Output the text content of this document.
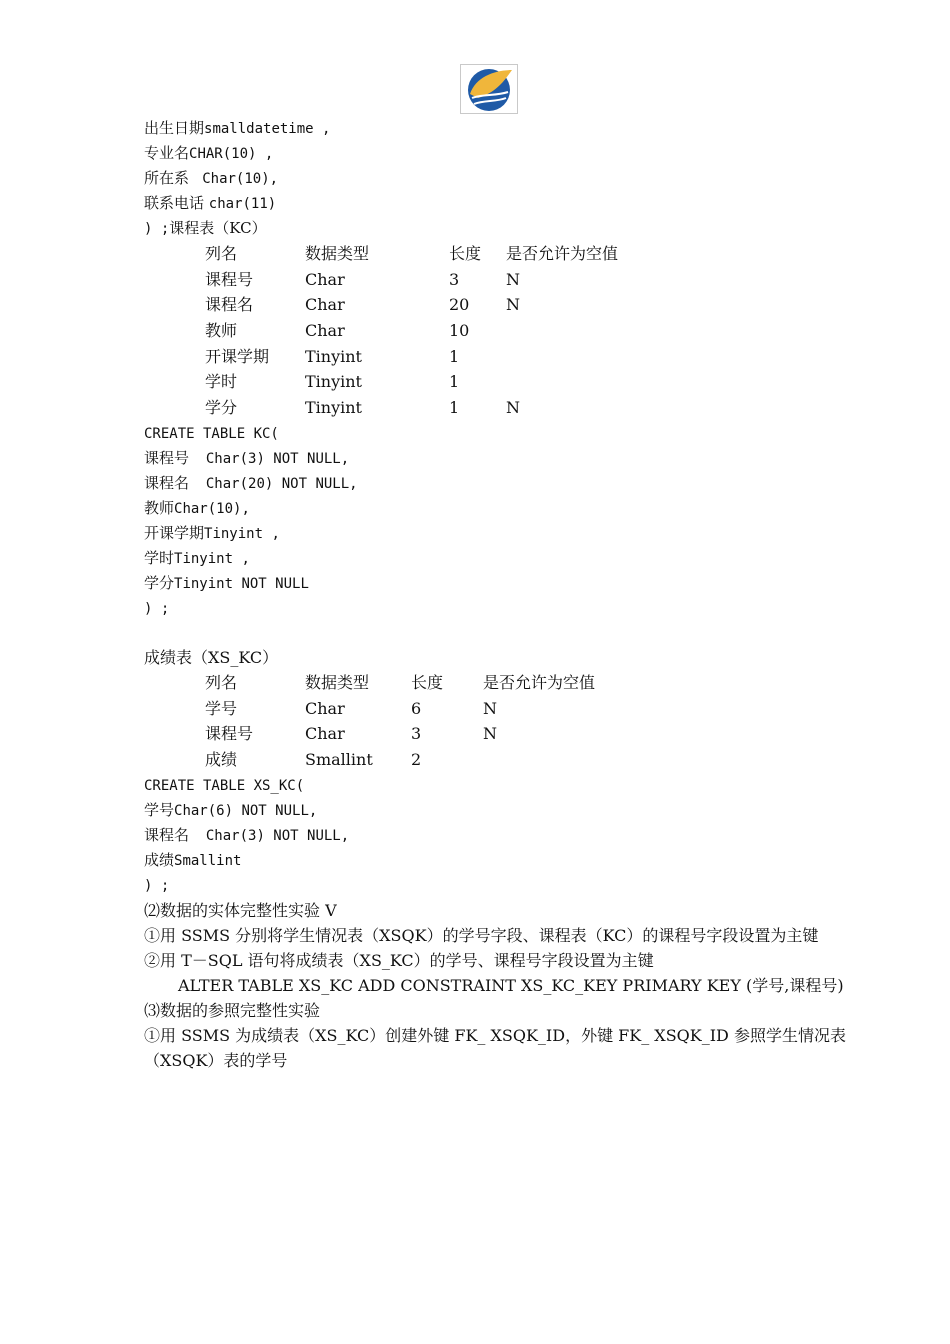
出生日期smalldatetime ,
专业名CHAR(10) ,
所在系  Char(10),
联系电话 char(11)
) ;课程表（KC）
列名	数据类型	长度	是否允许为空值
课程号	Char	3	N
课程名	Char	20	N
教师	Char	10
开课学期	Tinyint	1
学时	Tinyint	1
学分	Tinyint	1	N
CREATE TABLE KC(
课程号  Char(3) NOT NULL,
课程名  Char(20) NOT NULL,
教师Char(10),
开课学期Tinyint ,
学时Tinyint ,
学分Tinyint NOT NULL
) ;
成绩表（XS_KC）
列名	数据类型	长度	是否允许为空值
学号	Char	6	N
课程号	Char	3	N
成绩	Smallint	2
CREATE TABLE XS_KC(
学号Char(6) NOT NULL,
课程名  Char(3) NOT NULL,
成绩Smallint
) ;
⑵数据的实体完整性实验 V
①用 SSMS 分别将学生情况表（XSQK）的学号字段、课程表（KC）的课程号字段设置为主键
②用 T－SQL 语句将成绩表（XS_KC）的学号、课程号字段设置为主键
ALTER TABLE XS_KC ADD CONSTRAINT XS_KC_KEY PRIMARY KEY (学号,课程号)
⑶数据的参照完整性实验
①用 SSMS 为成绩表（XS_KC）创建外键 FK_ XSQK_ID，外键 FK_ XSQK_ID 参照学生情况表
（XSQK）表的学号
